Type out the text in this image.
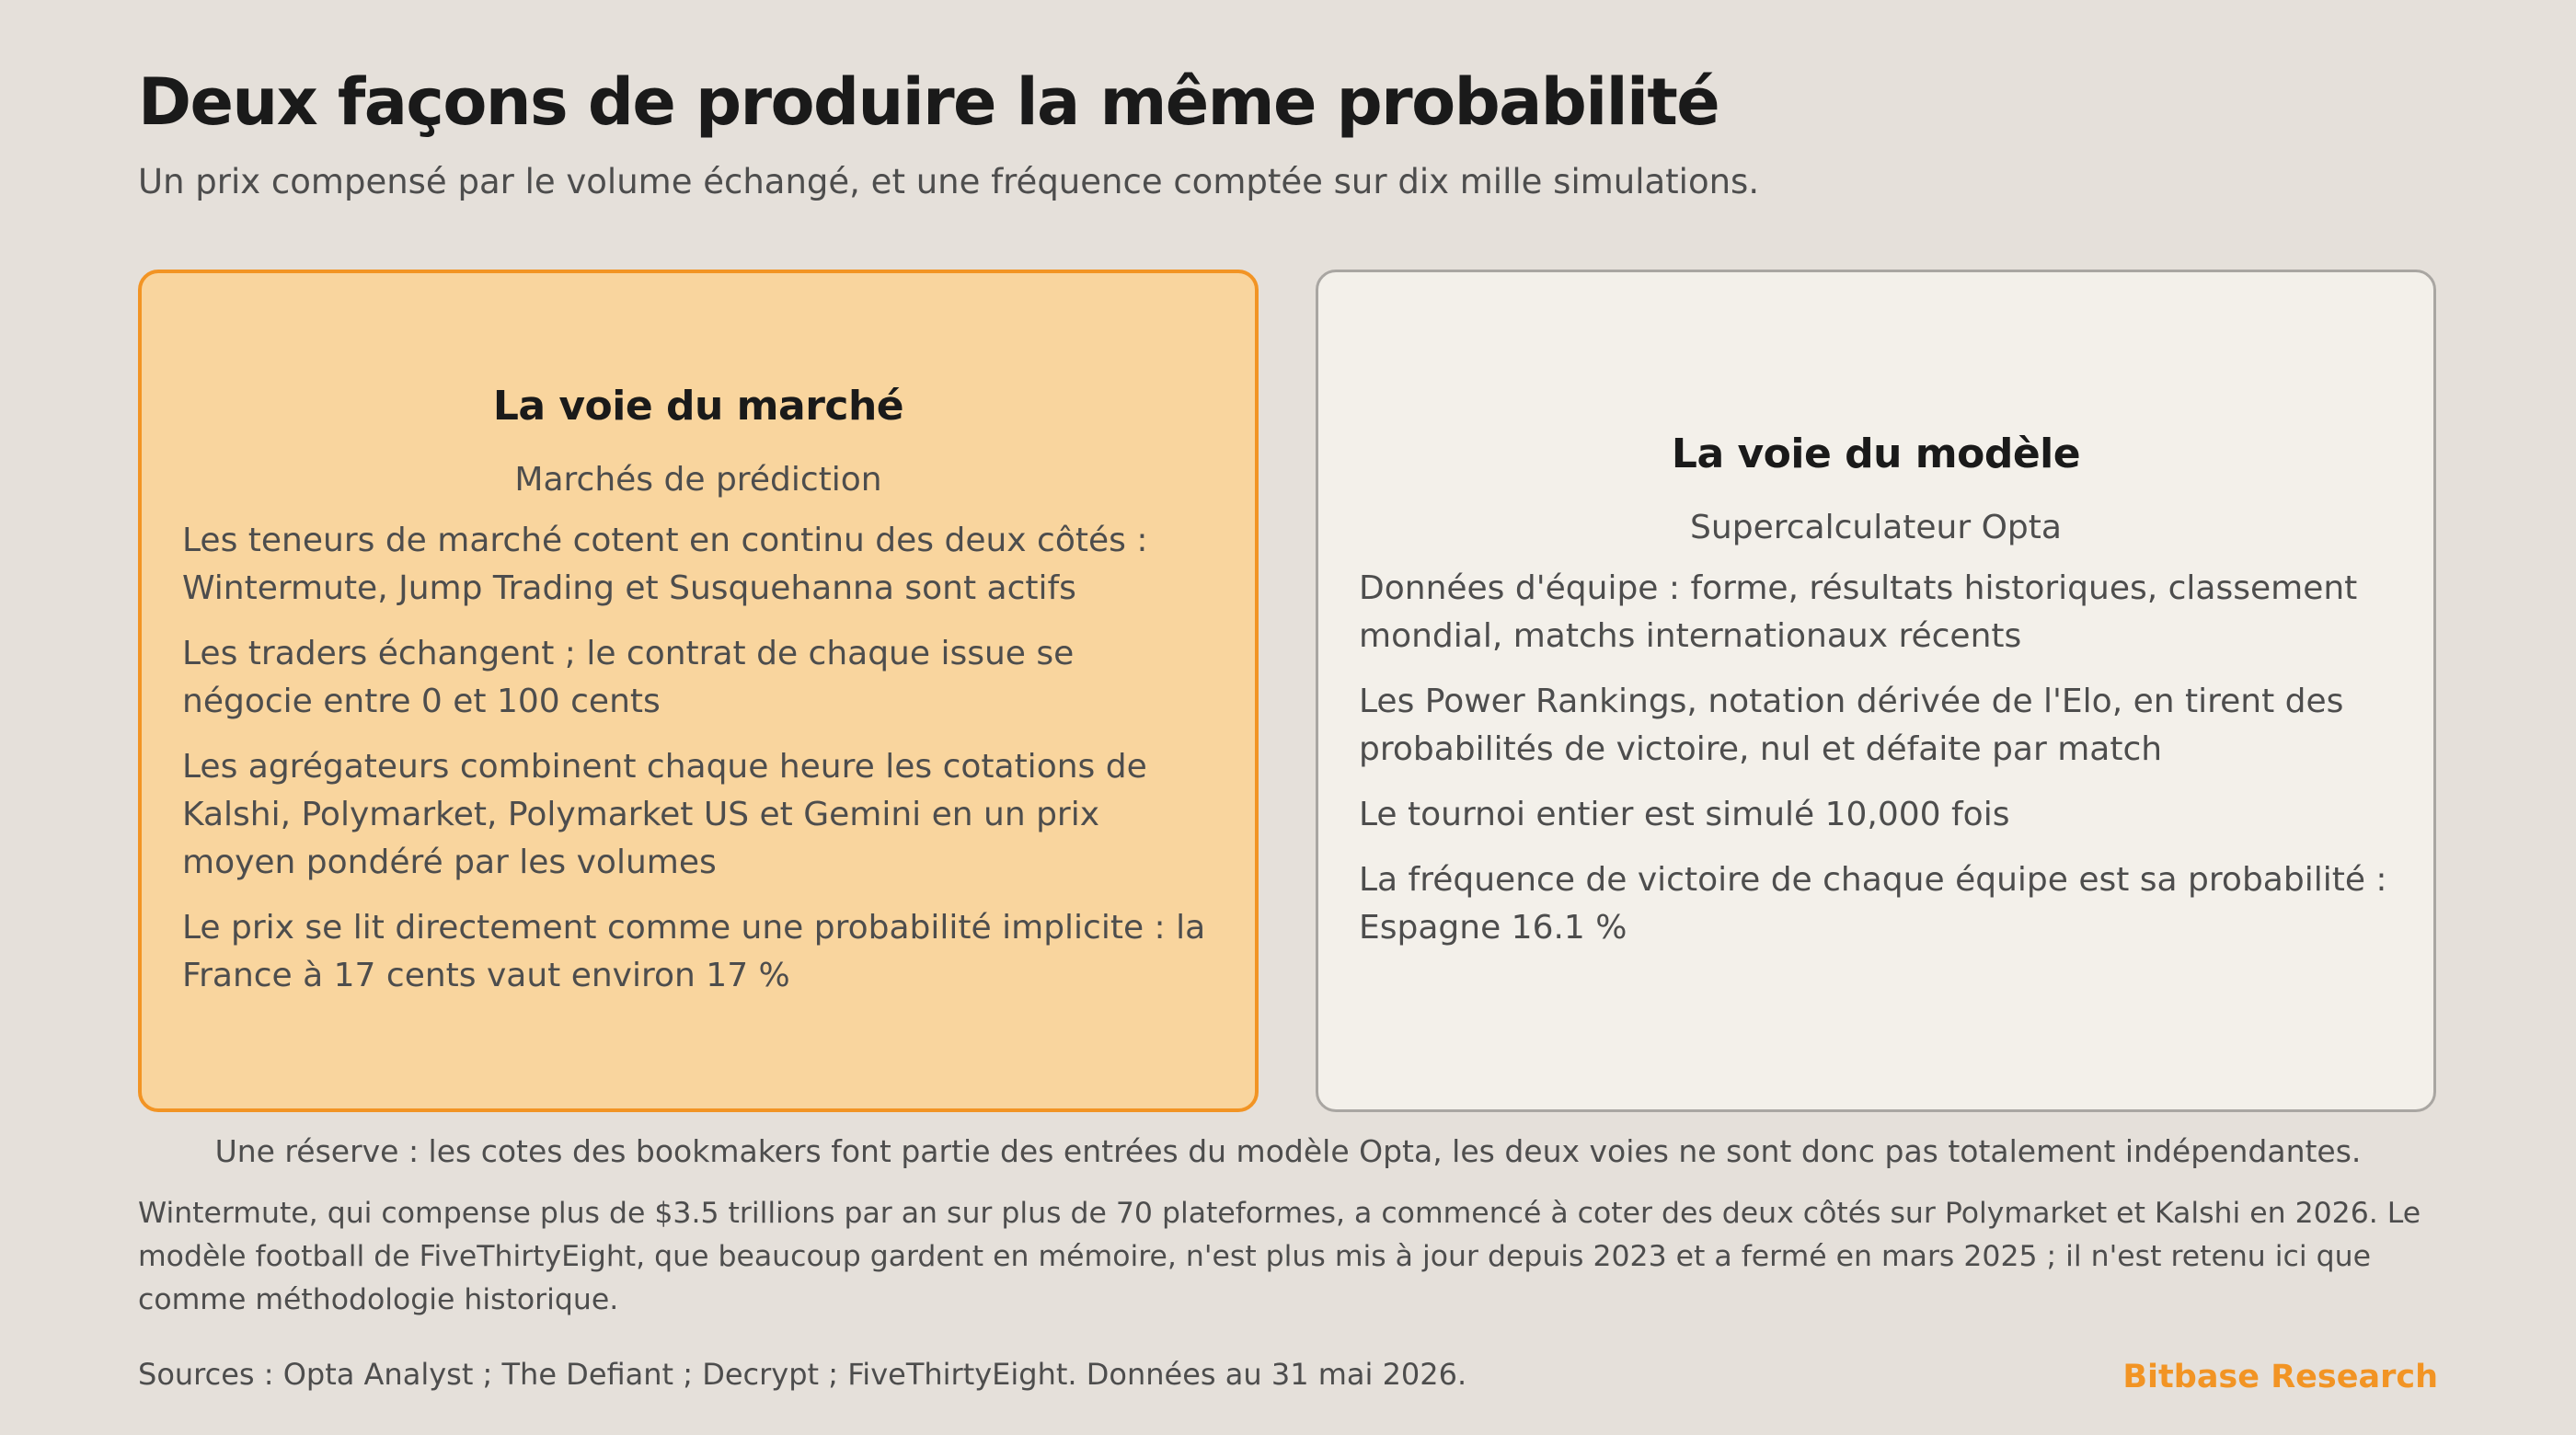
Deux façons de produire la même probabilité
Un prix compensé par le volume échangé, et une fréquence comptée sur dix mille simulations.
La voie du marché
Marchés de prédiction
Les teneurs de marché cotent en continu des deux côtés : Wintermute, Jump Trading et Susquehanna sont actifs
Les traders échangent ; le contrat de chaque issue se négocie entre 0 et 100 cents
Les agrégateurs combinent chaque heure les cotations de Kalshi, Polymarket, Polymarket US et Gemini en un prix moyen pondéré par les volumes
Le prix se lit directement comme une probabilité implicite : la France à 17 cents vaut environ 17 %
La voie du modèle
Supercalculateur Opta
Données d'équipe : forme, résultats historiques, classement mondial, matchs internationaux récents
Les Power Rankings, notation dérivée de l'Elo, en tirent des probabilités de victoire, nul et défaite par match
Le tournoi entier est simulé 10,000 fois
La fréquence de victoire de chaque équipe est sa probabilité : Espagne 16.1 %
Une réserve : les cotes des bookmakers font partie des entrées du modèle Opta, les deux voies ne sont donc pas totalement indépendantes.
Wintermute, qui compense plus de $3.5 trillions par an sur plus de 70 plateformes, a commencé à coter des deux côtés sur Polymarket et Kalshi en 2026. Le modèle football de FiveThirtyEight, que beaucoup gardent en mémoire, n'est plus mis à jour depuis 2023 et a fermé en mars 2025 ; il n'est retenu ici que comme méthodologie historique.
Sources : Opta Analyst ; The Defiant ; Decrypt ; FiveThirtyEight. Données au 31 mai 2026.	Bitbase Research
